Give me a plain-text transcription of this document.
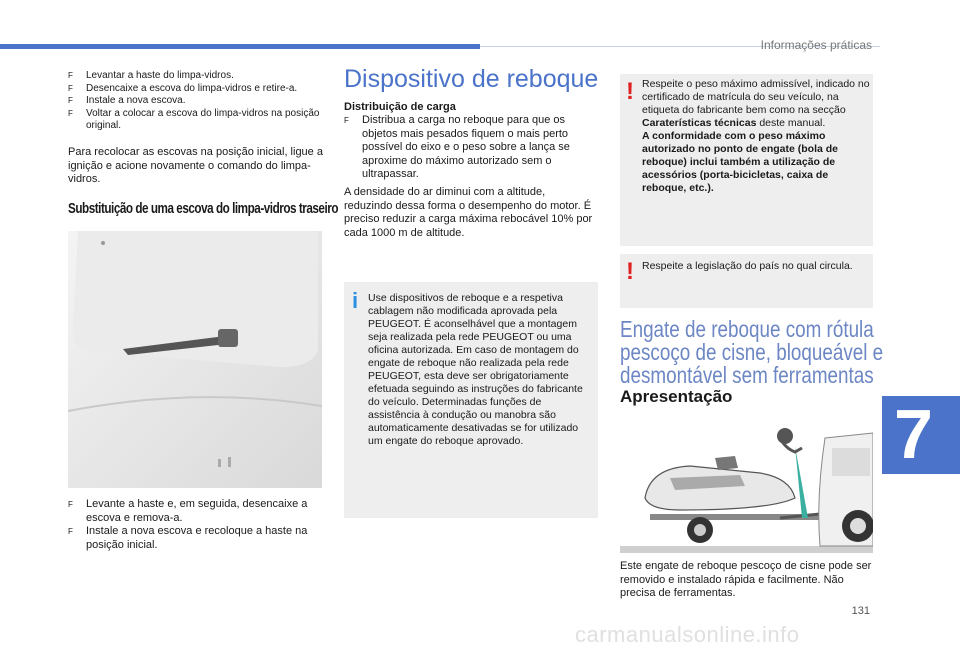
Informações práticas
F Levantar a haste do limpa-vidros.
F Desencaixe a escova do limpa-vidros e retire-a.
F Instale a nova escova.
F Voltar a colocar a escova do limpa-vidros na posição original.

Para recolocar as escovas na posição inicial, ligue a ignição e acione novamente o comando do limpa-vidros.

Substituição de uma escova do limpa-vidros traseiro
F Levante a haste e, em seguida, desencaixe a escova e remova-a.
F Instale a nova escova e recoloque a haste na posição inicial.
Dispositivo de reboque
Distribuição de carga
F Distribua a carga no reboque para que os objetos mais pesados fiquem o mais perto possível do eixo e o peso sobre a lança se aproxime do máximo autorizado sem o ultrapassar.

A densidade do ar diminui com a altitude, reduzindo dessa forma o desempenho do motor. É preciso reduzir a carga máxima rebocável 10% por cada 1000 m de altitude.

i Use dispositivos de reboque e a respetiva cablagem não modificada aprovada pela PEUGEOT. É aconselhável que a montagem seja realizada pela rede PEUGEOT ou uma oficina autorizada. Em caso de montagem do engate de reboque não realizada pela rede PEUGEOT, esta deve ser obrigatoriamente efetuada seguindo as instruções do fabricante do veículo. Determinadas funções de assistência à condução ou manobra são automaticamente desativadas se for utilizado um engate do reboque aprovado.

! Respeite o peso máximo admissível, indicado no certificado de matrícula do seu veículo, na etiqueta do fabricante bem como na secção Caraterísticas técnicas deste manual.
A conformidade com o peso máximo autorizado no ponto de engate (bola de reboque) inclui também a utilização de acessórios (porta-bicicletas, caixa de reboque, etc.).

! Respeite a legislação do país no qual circula.

Engate de reboque com rótula
pescoço de cisne, bloqueável e
desmontável sem ferramentas
Apresentação

Este engate de reboque pescoço de cisne pode ser removido e instalado rápida e facilmente. Não precisa de ferramentas.

7
131
carmanualsonline.info
